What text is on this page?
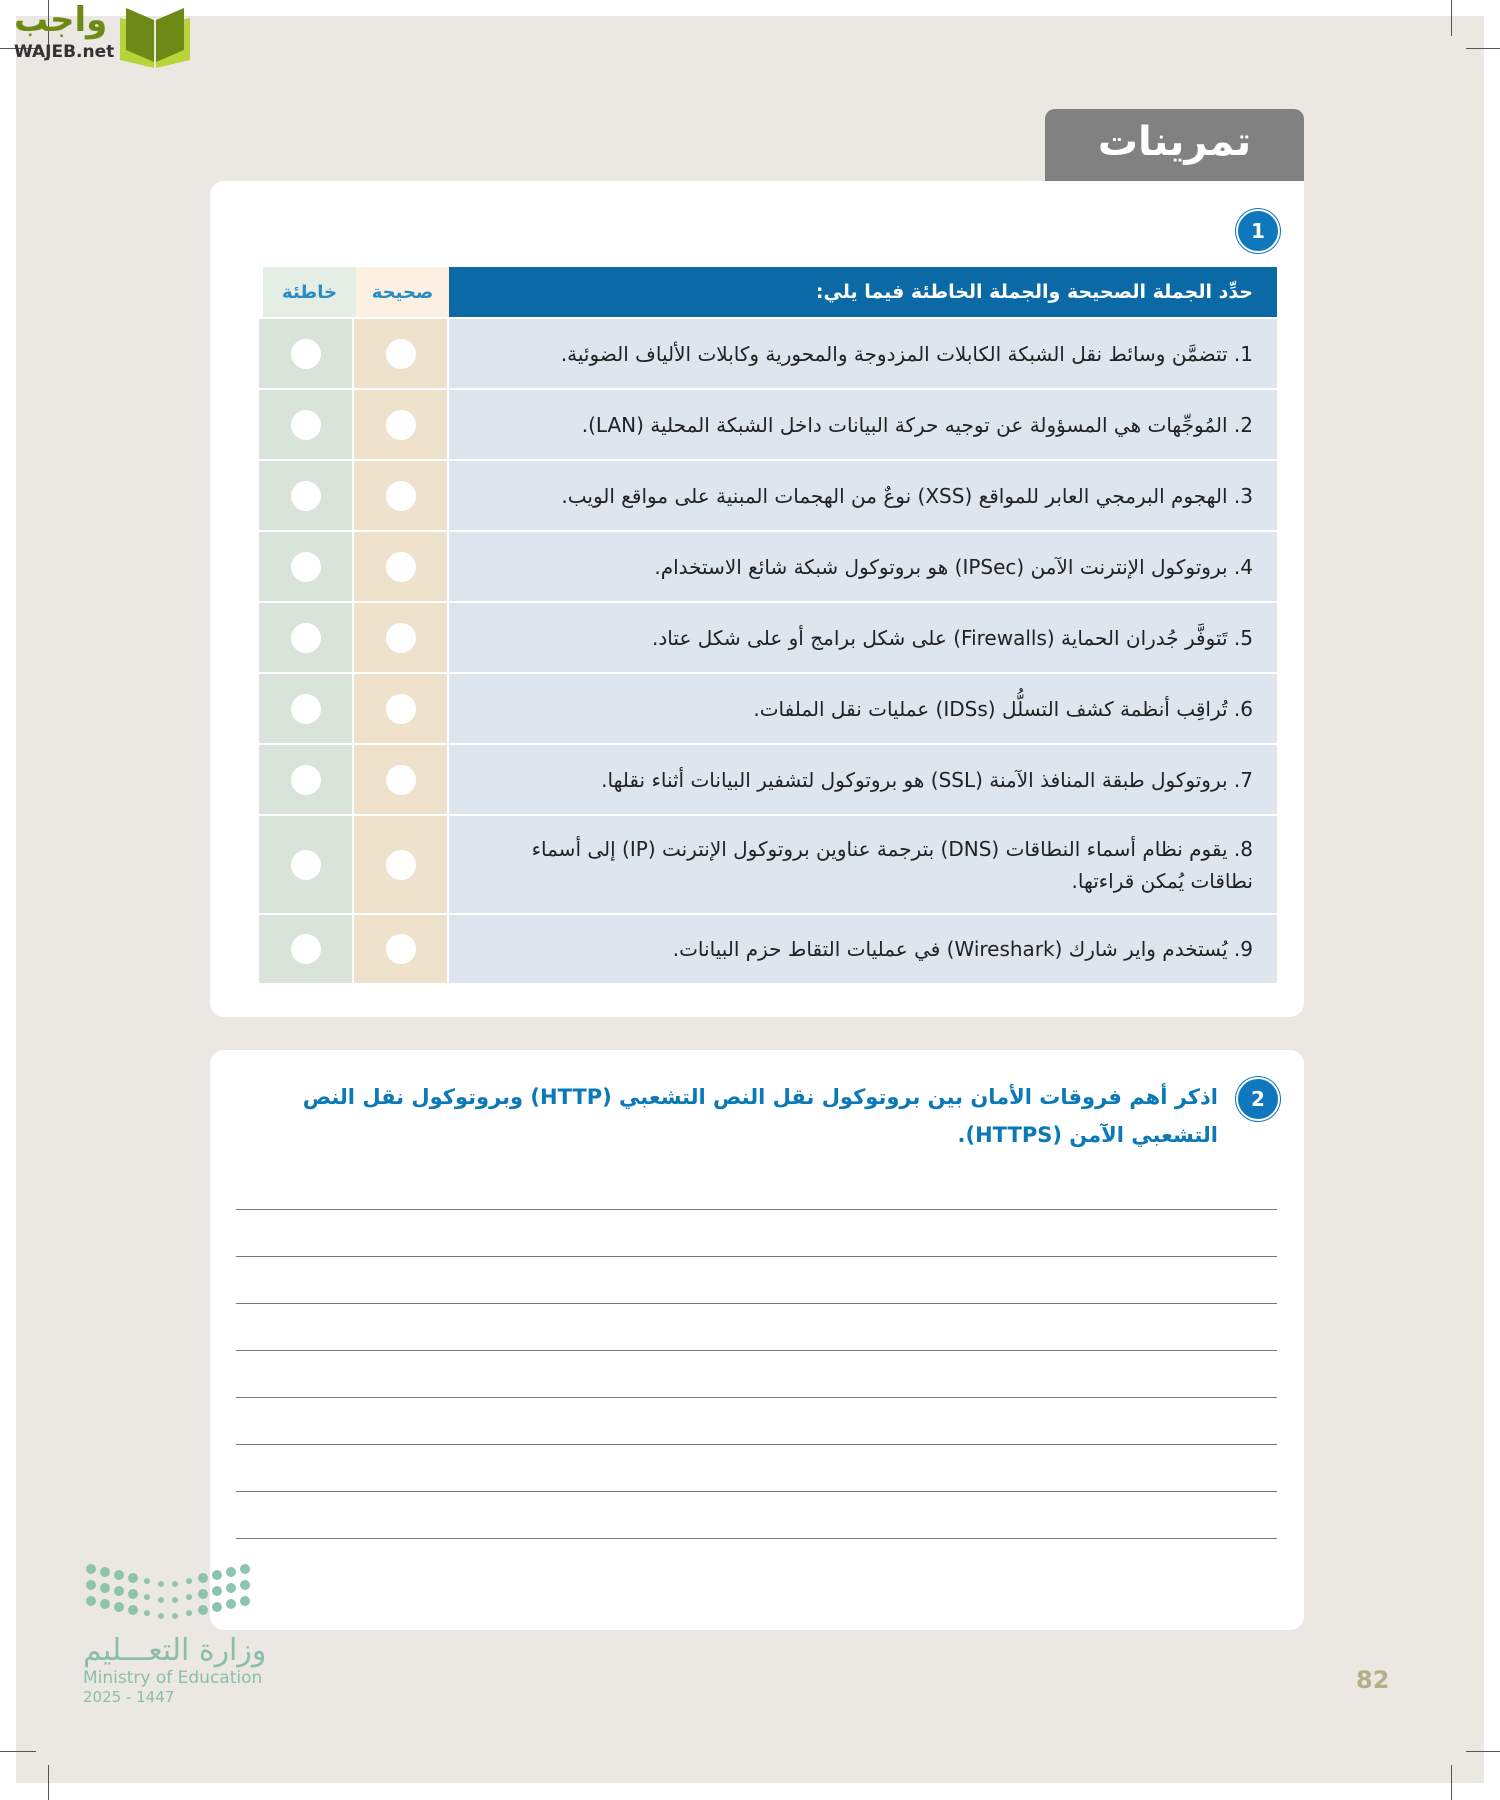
واجب
WAJEB.net
تمرينات
1
حدِّد الجملة الصحيحة والجملة الخاطئة فيما يلي:
صحيحة
خاطئة
1. تتضمَّن وسائط نقل الشبكة الكابلات المزدوجة والمحورية وكابلات الألياف الضوئية.
2. المُوجِّهات هي المسؤولة عن توجيه حركة البيانات داخل الشبكة المحلية (LAN).
3. الهجوم البرمجي العابر للمواقع (XSS) نوعٌ من الهجمات المبنية على مواقع الويب.
4. بروتوكول الإنترنت الآمن (IPSec) هو بروتوكول شبكة شائع الاستخدام.
5. تَتوفَّر جُدران الحماية (Firewalls) على شكل برامج أو على شكل عتاد.
6. تُراقِب أنظمة كشف التسلُّل (IDSs) عمليات نقل الملفات.
7. بروتوكول طبقة المنافذ الآمنة (SSL) هو بروتوكول لتشفير البيانات أثناء نقلها.
8. يقوم نظام أسماء النطاقات (DNS) بترجمة عناوين بروتوكول الإنترنت (IP) إلى أسماء نطاقات يُمكن قراءتها.
9. يُستخدم واير شارك (Wireshark) في عمليات التقاط حزم البيانات.
2
اذكر أهم فروقات الأمان بين بروتوكول نقل النص التشعبي (HTTP) وبروتوكول نقل النص التشعبي الآمن (HTTPS).
وزارة التعـــليم
Ministry of Education
2025 - 1447
82
